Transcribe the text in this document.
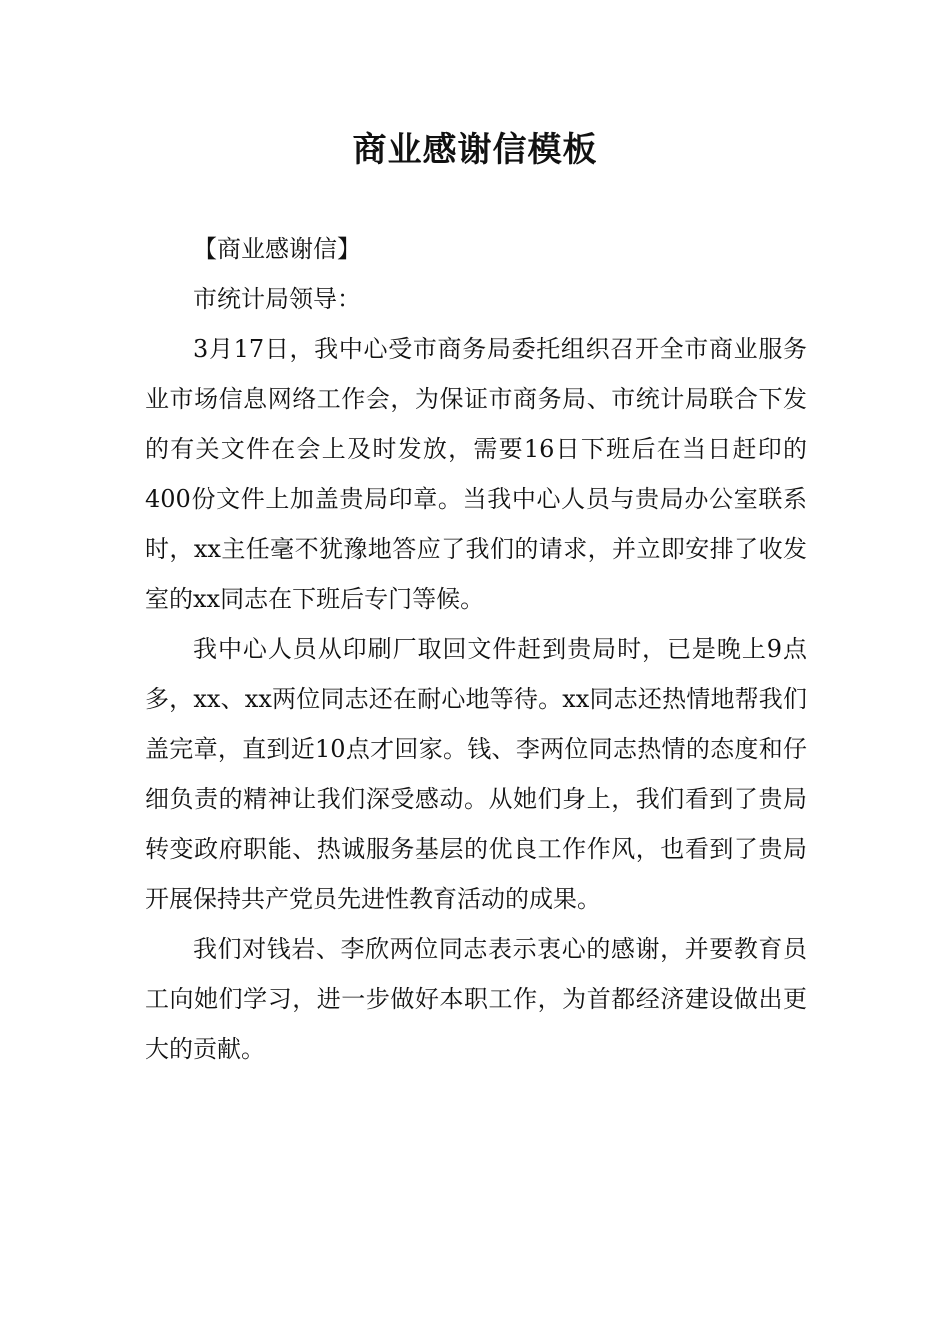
商业感谢信模板

【商业感谢信】

市统计局领导：

3月17日，我中心受市商务局委托组织召开全市商业服务业市场信息网络工作会，为保证市商务局、市统计局联合下发的有关文件在会上及时发放，需要16日下班后在当日赶印的400份文件上加盖贵局印章。当我中心人员与贵局办公室联系时，xx主任毫不犹豫地答应了我们的请求，并立即安排了收发室的xx同志在下班后专门等候。

我中心人员从印刷厂取回文件赶到贵局时，已是晚上9点多，xx、xx两位同志还在耐心地等待。xx同志还热情地帮我们盖完章，直到近10点才回家。钱、李两位同志热情的态度和仔细负责的精神让我们深受感动。从她们身上，我们看到了贵局转变政府职能、热诚服务基层的优良工作作风，也看到了贵局开展保持共产党员先进性教育活动的成果。

我们对钱岩、李欣两位同志表示衷心的感谢，并要教育员工向她们学习，进一步做好本职工作，为首都经济建设做出更大的贡献。
